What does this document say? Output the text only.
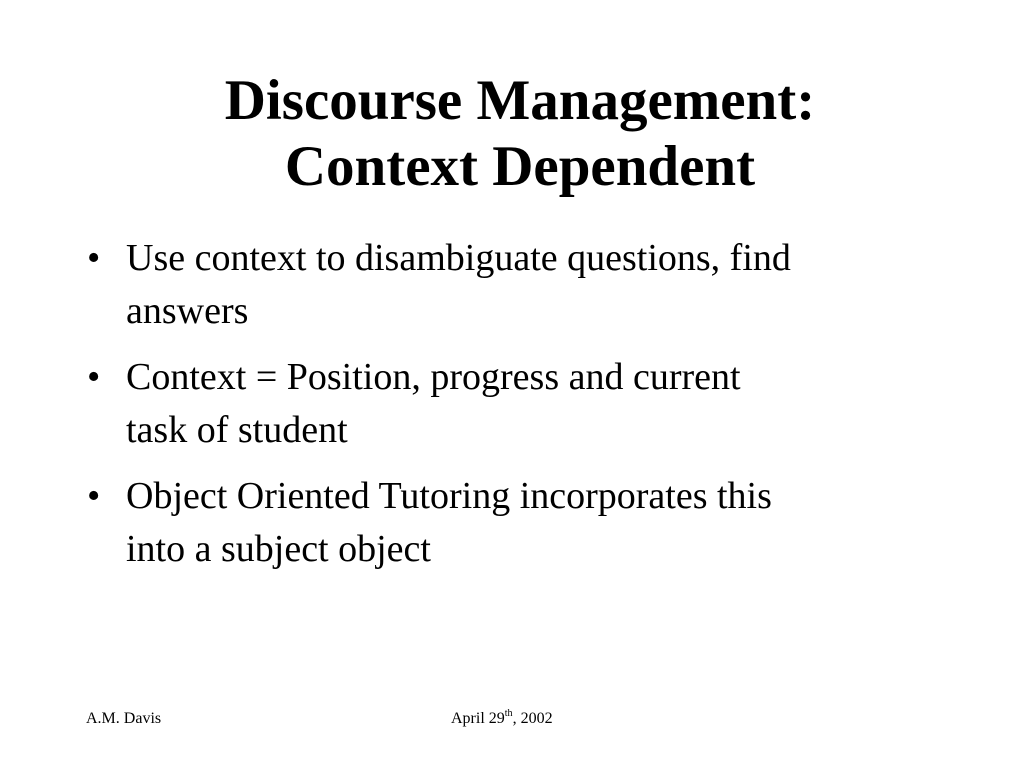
Discourse Management:
Context Dependent
• Use context to disambiguate questions, find
answers
• Context = Position, progress and current
task of student
• Object Oriented Tutoring incorporates this
into a subject object
A.M. Davis	April 29th, 2002
